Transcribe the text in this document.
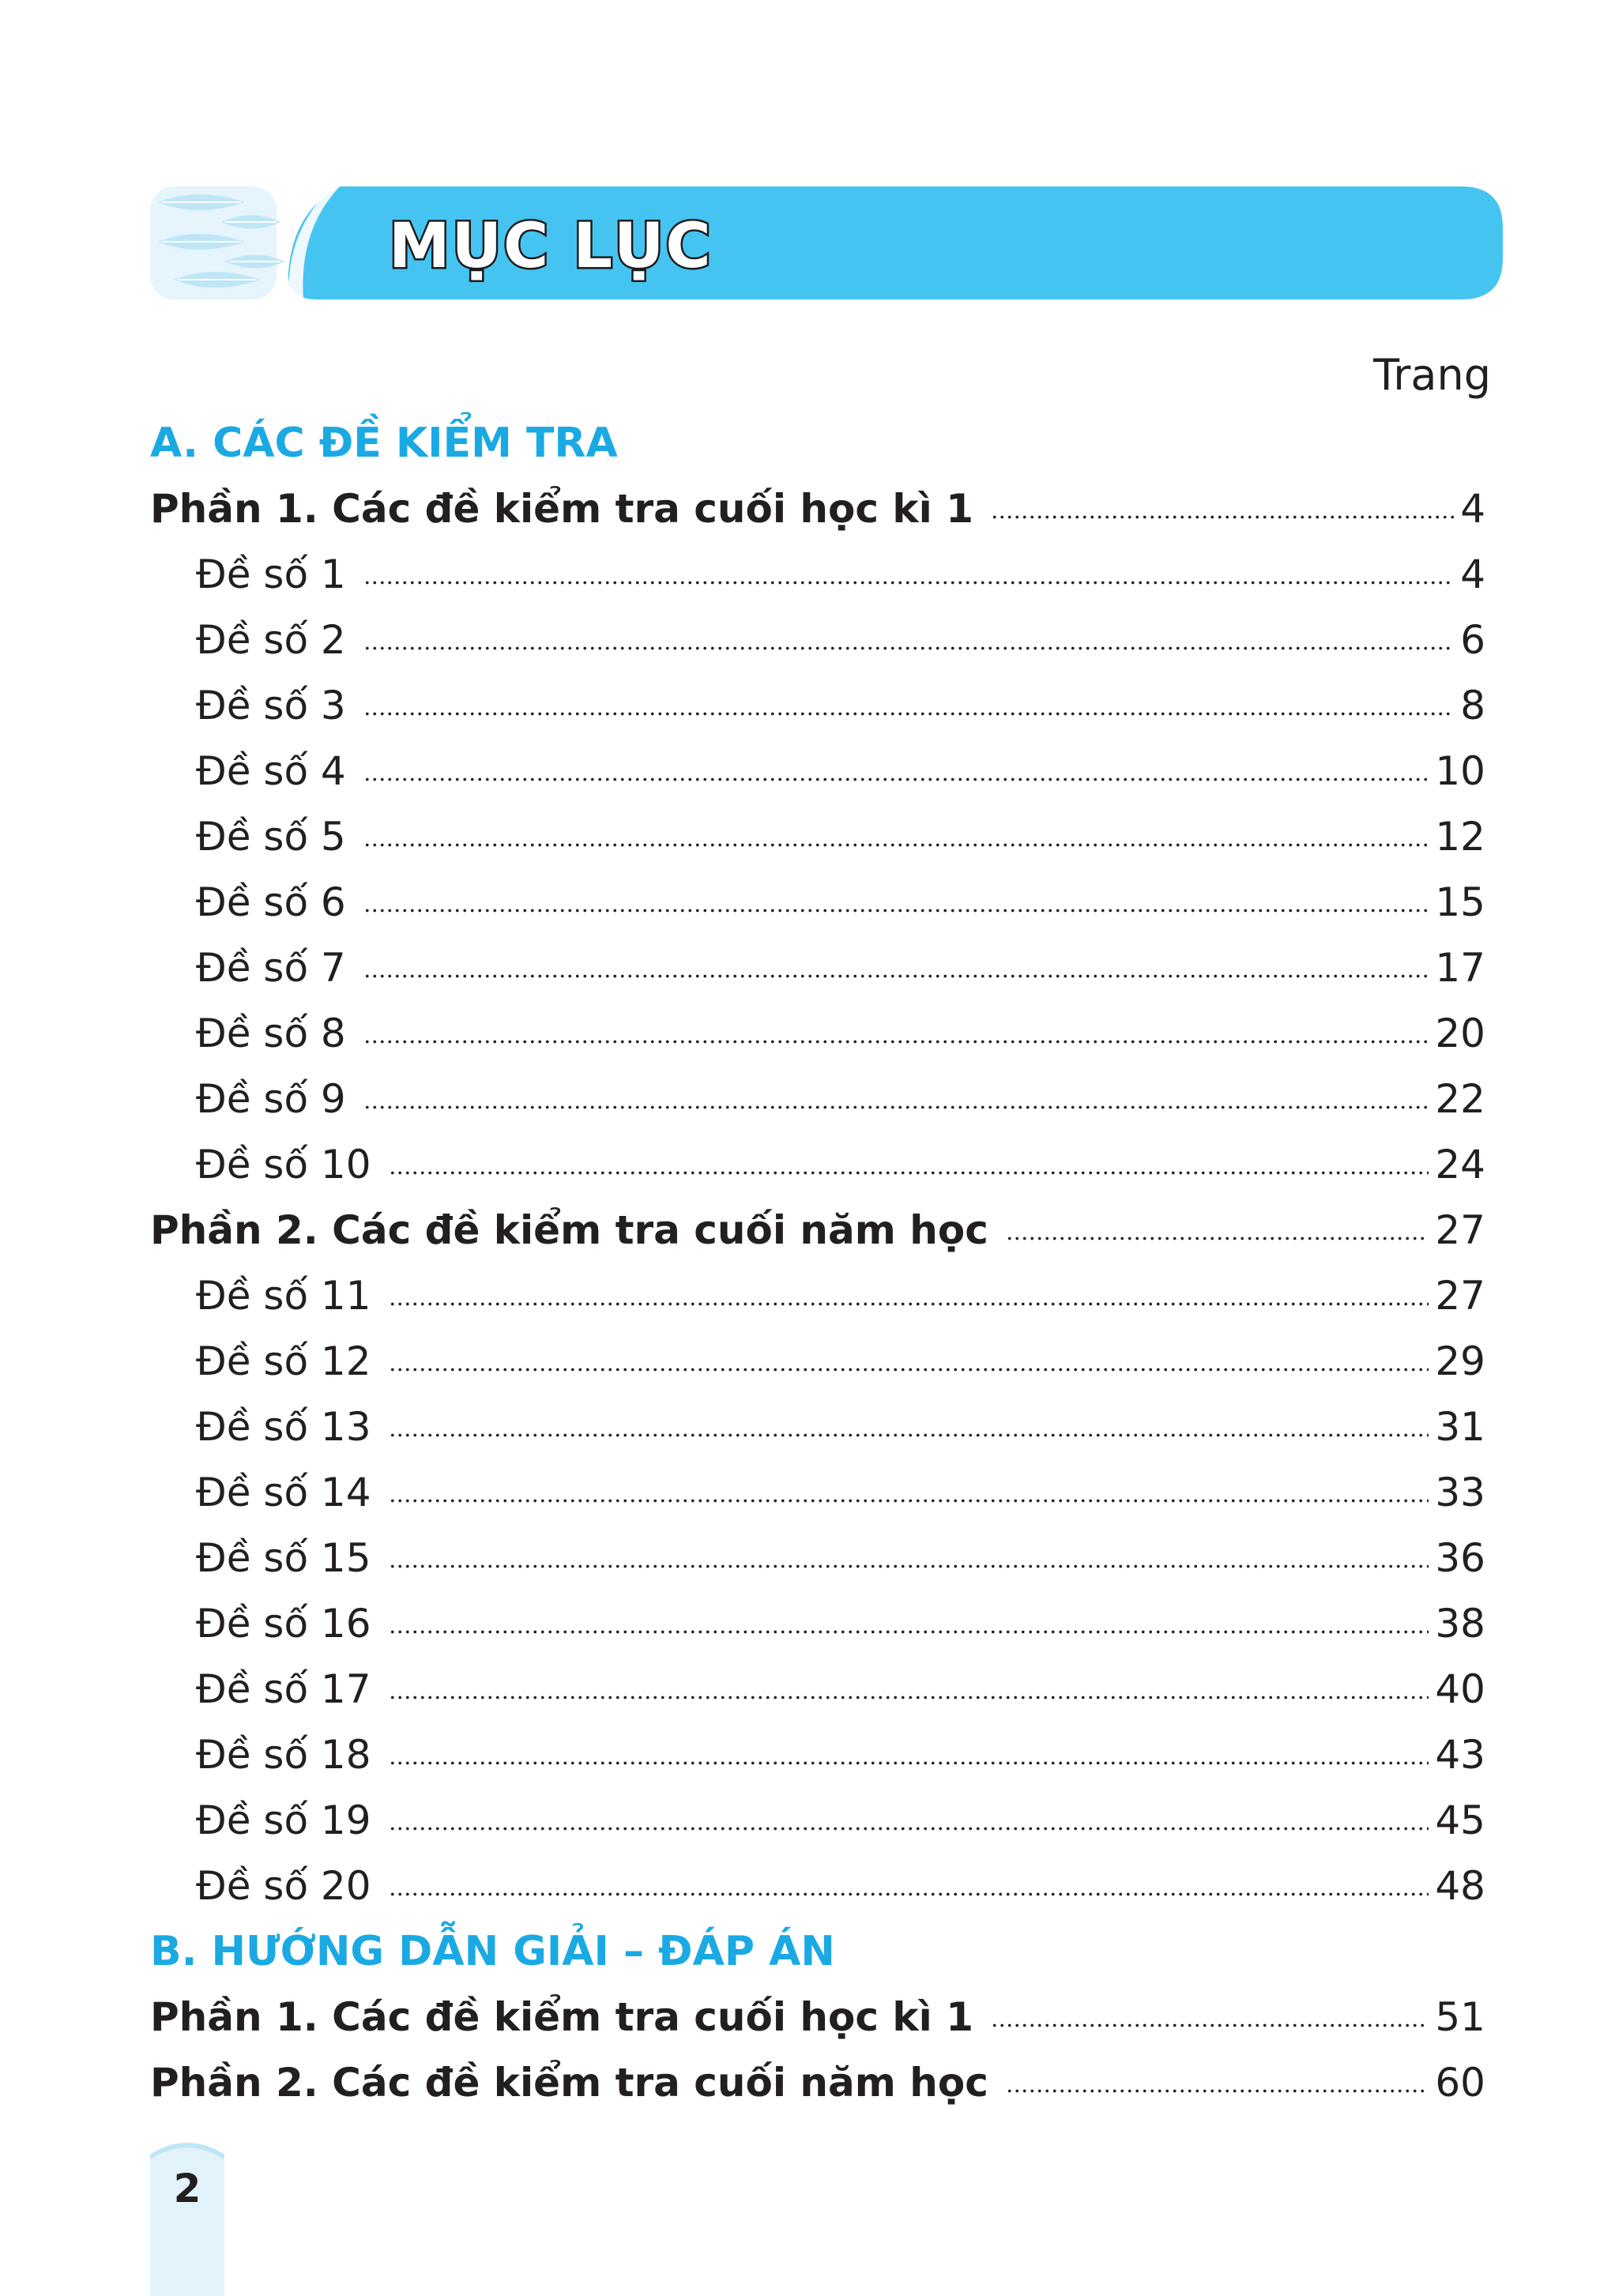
MỤC LỤC
Trang
A. CÁC ĐỀ KIỂM TRA
Phần 1. Các đề kiểm tra cuối học kì 1	4
Đề số 1	4
Đề số 2	6
Đề số 3	8
Đề số 4	10
Đề số 5	12
Đề số 6	15
Đề số 7	17
Đề số 8	20
Đề số 9	22
Đề số 10	24
Phần 2. Các đề kiểm tra cuối năm học	27
Đề số 11	27
Đề số 12	29
Đề số 13	31
Đề số 14	33
Đề số 15	36
Đề số 16	38
Đề số 17	40
Đề số 18	43
Đề số 19	45
Đề số 20	48
B. HƯỚNG DẪN GIẢI – ĐÁP ÁN
Phần 1. Các đề kiểm tra cuối học kì 1	51
Phần 2. Các đề kiểm tra cuối năm học	60
2
